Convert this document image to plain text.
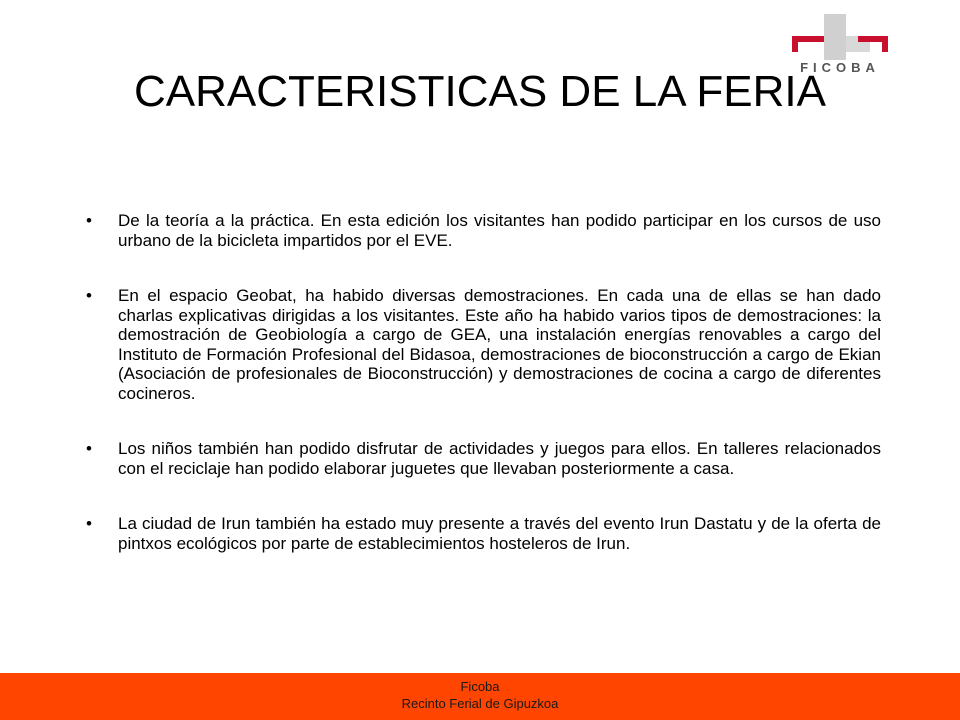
FICOBA
CARACTERISTICAS DE LA FERIA
•	De la teoría a la práctica. En esta edición los visitantes han podido participar en los cursos de uso urbano de la bicicleta impartidos por el EVE.
•	En el espacio Geobat, ha habido diversas demostraciones. En cada una de ellas se han dado charlas explicativas dirigidas a los visitantes. Este año ha habido varios tipos de demostraciones: la demostración de Geobiología a cargo de GEA, una instalación energías renovables a cargo del Instituto de Formación Profesional del Bidasoa, demostraciones de bioconstrucción a cargo de Ekian (Asociación de profesionales de Bioconstrucción) y demostraciones de cocina a cargo de diferentes cocineros.
•	Los niños también han podido disfrutar de actividades y juegos para ellos. En talleres relacionados con el reciclaje han podido elaborar juguetes que llevaban posteriormente a casa.
•	La ciudad de Irun también ha estado muy presente a través del evento Irun Dastatu y de la oferta de pintxos ecológicos por parte de establecimientos hosteleros de Irun.
Ficoba
Recinto Ferial de Gipuzkoa
